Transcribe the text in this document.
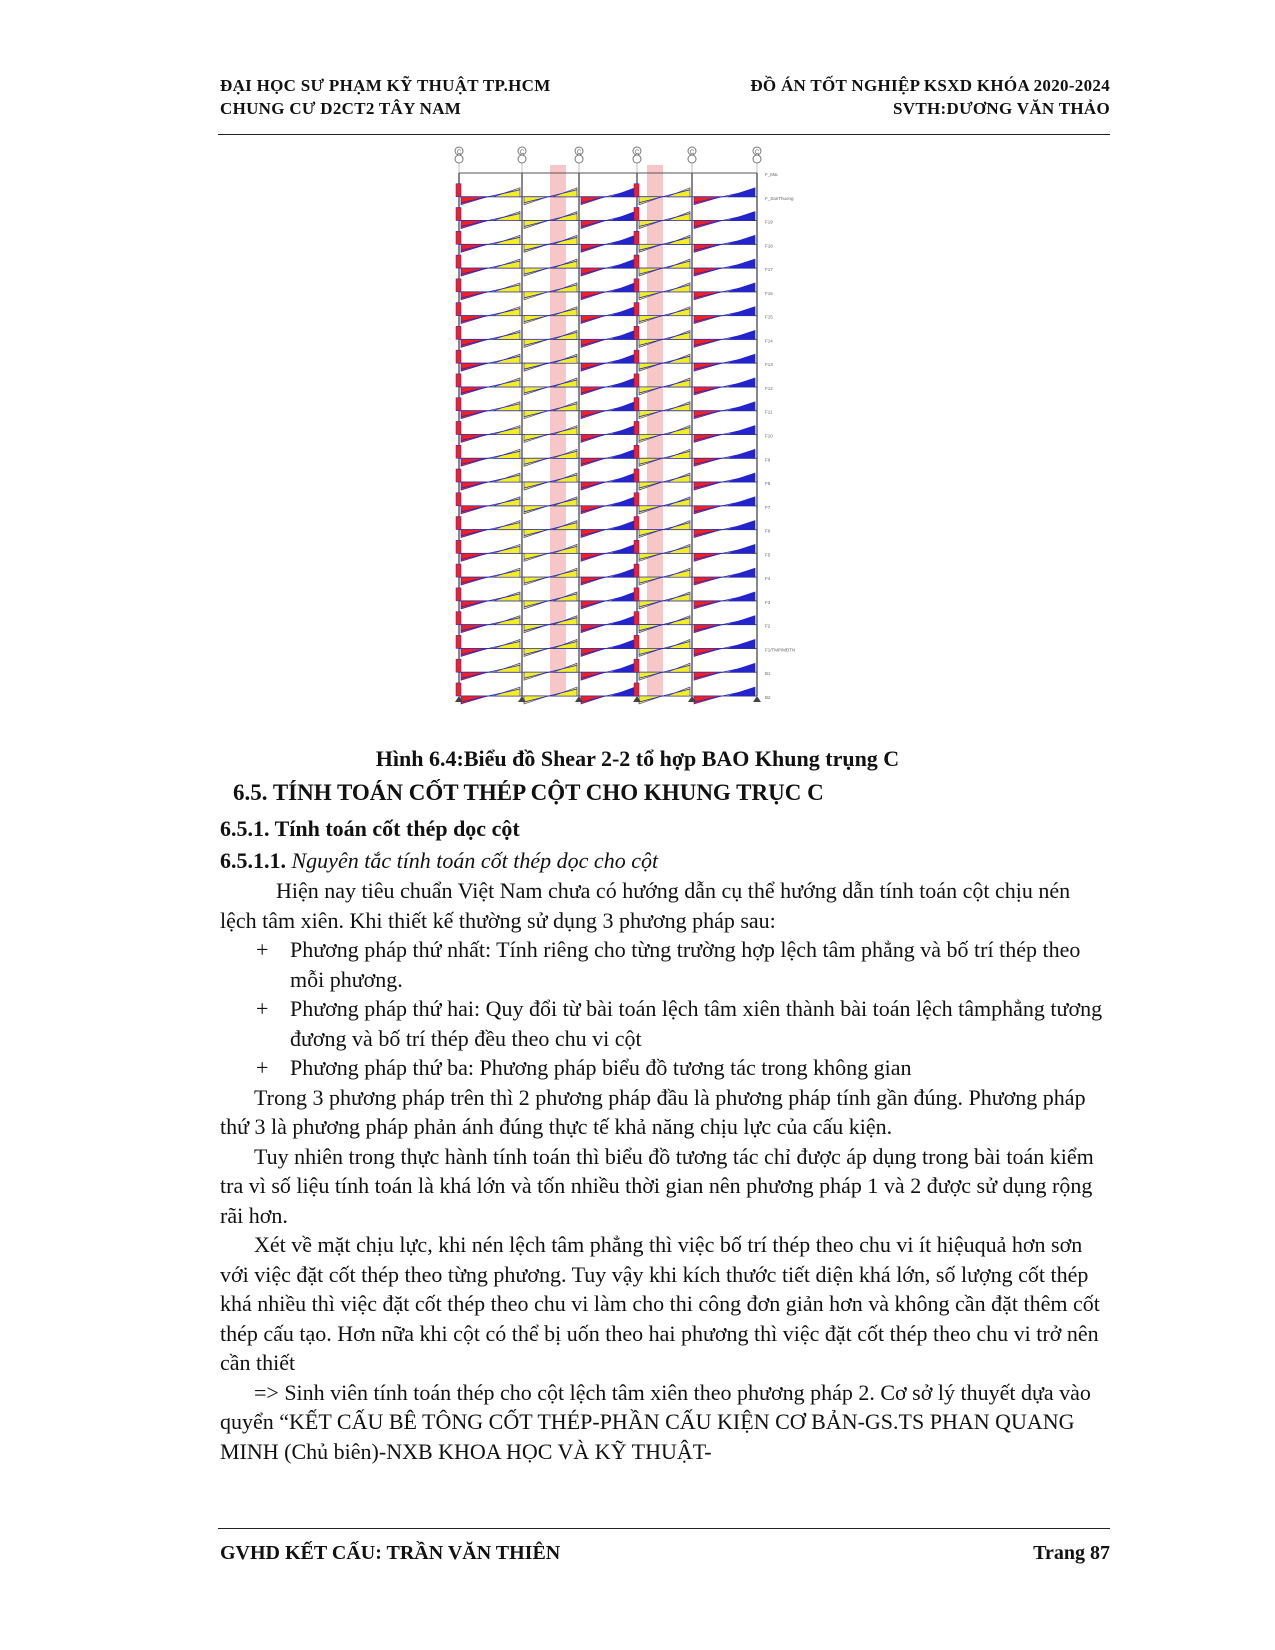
ĐẠI HỌC SƯ PHẠM KỸ THUẬT TP.HCM
CHUNG CƯ D2CT2 TÂY NAM
ĐỒ ÁN TỐT NGHIỆP KSXD KHÓA 2020-2024
SVTH:DƯƠNG VĂN THẢO
C	C	C	C	C	C
F_Mai
F_SanThuong
F19
F18
F17
F16
F15
F14
F13
F12
F11
F10
F9
F8
F7
F6
F5
F4
F3
F2
F1/TMP/MĐTN
B1
B2
Hình 6.4:Biểu đồ Shear 2-2 tổ hợp BAO Khung trụng C
6.5. TÍNH TOÁN CỐT THÉP CỘT CHO KHUNG TRỤC C
6.5.1. Tính toán cốt thép dọc cột
6.5.1.1. Nguyên tắc tính toán cốt thép dọc cho cột

Hiện nay tiêu chuẩn Việt Nam chưa có hướng dẫn cụ thể hướng dẫn tính toán cột chịu nén lệch tâm xiên. Khi thiết kế thường sử dụng 3 phương pháp sau:

+ Phương pháp thứ nhất: Tính riêng cho từng trường hợp lệch tâm phẳng và bố trí thép theo mỗi phương.

+ Phương pháp thứ hai: Quy đổi từ bài toán lệch tâm xiên thành bài toán lệch tâmphẳng tương đương và bố trí thép đều theo chu vi cột

+ Phương pháp thứ ba: Phương pháp biểu đồ tương tác trong không gian

Trong 3 phương pháp trên thì 2 phương pháp đầu là phương pháp tính gần đúng. Phương pháp thứ 3 là phương pháp phản ánh đúng thực tế khả năng chịu lực của cấu kiện.

Tuy nhiên trong thực hành tính toán thì biểu đồ tương tác chỉ được áp dụng trong bài toán kiểm tra vì số liệu tính toán là khá lớn và tốn nhiều thời gian nên phương pháp 1 và 2 được sử dụng rộng rãi hơn.

Xét về mặt chịu lực, khi nén lệch tâm phẳng thì việc bố trí thép theo chu vi ít hiệuquả hơn sơn với việc đặt cốt thép theo từng phương. Tuy vậy khi kích thước tiết diện khá lớn, số lượng cốt thép khá nhiều thì việc đặt cốt thép theo chu vi làm cho thi công đơn giản hơn và không cần đặt thêm cốt thép cấu tạo. Hơn nữa khi cột có thể bị uốn theo hai phương thì việc đặt cốt thép theo chu vi trở nên cần thiết

=> Sinh viên tính toán thép cho cột lệch tâm xiên theo phương pháp 2. Cơ sở lý thuyết dựa vào quyển “KẾT CẤU BÊ TÔNG CỐT THÉP-PHẦN CẤU KIỆN CƠ BẢN-GS.TS PHAN QUANG MINH (Chủ biên)-NXB KHOA HỌC VÀ KỸ THUẬT-

GVHD KẾT CẤU: TRẦN VĂN THIÊN	Trang 87
